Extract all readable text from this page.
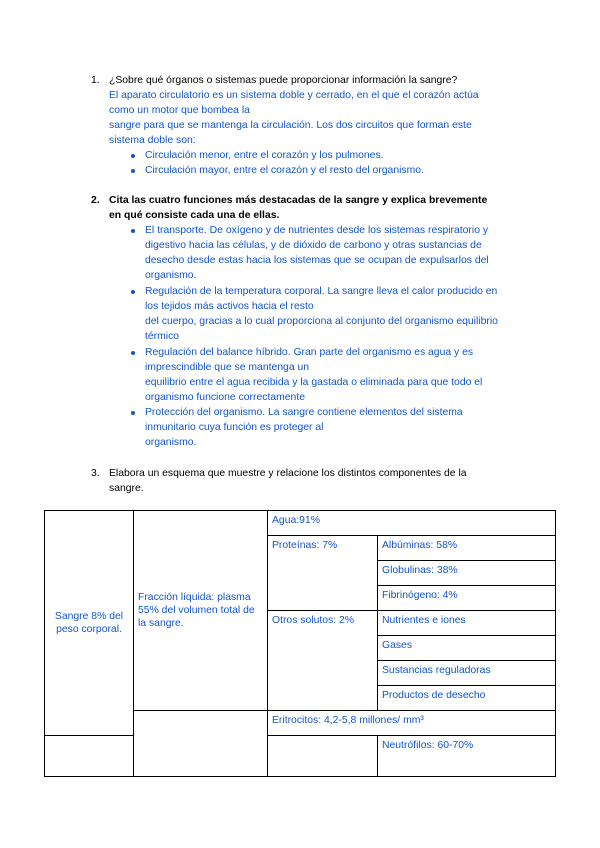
1. ¿Sobre qué órganos o sistemas puede proporcionar información la sangre?
El aparato circulatorio es un sistema doble y cerrado, en el que el corazón actúa
como un motor que bombea la
sangre para que se mantenga la circulación. Los dos circuitos que forman este
sistema doble son:
Circulación menor, entre el corazón y los pulmones.
Circulación mayor, entre el corazón y el resto del organismo.
2. Cita las cuatro funciones más destacadas de la sangre y explica brevemente
en qué consiste cada una de ellas.
El transporte. De oxígeno y de nutrientes desde los sistemas respiratorio y
digestivo hacia las células, y de dióxido de carbono y otras sustancias de
desecho desde estas hacia los sistemas que se ocupan de expulsarlos del
organismo.
Regulación de la temperatura corporal. La sangre lleva el calor producido en
los tejidos más activos hacia el resto
del cuerpo, gracias a lo cual proporciona al conjunto del organismo equilibrio
térmico
Regulación del balance híbrido. Gran parte del organismo es agua y es
imprescindible que se mantenga un
equilibrio entre el agua recibida y la gastada o eliminada para que todo el
organismo funcione correctamente
Protección del organismo. La sangre contiene elementos del sistema
inmunitario cuya función es proteger al
organismo.
3. Elabora un esquema que muestre y relacione los distintos componentes de la
sangre.
Sangre 8% del peso corporal.	Fracción líquida: plasma 55% del volumen total de la sangre.	Agua:91%	
		Proteínas: 7%	Albúminas: 58%
			Globulinas: 38%
			Fibrinógeno: 4%
		Otros solutos: 2%	Nutrientes e iones
			Gases
			Sustancias reguladoras
			Productos de desecho
		Eritrocitos: 4,2-5,8 millones/ mm³	
			Neutrófilos: 60-70%
